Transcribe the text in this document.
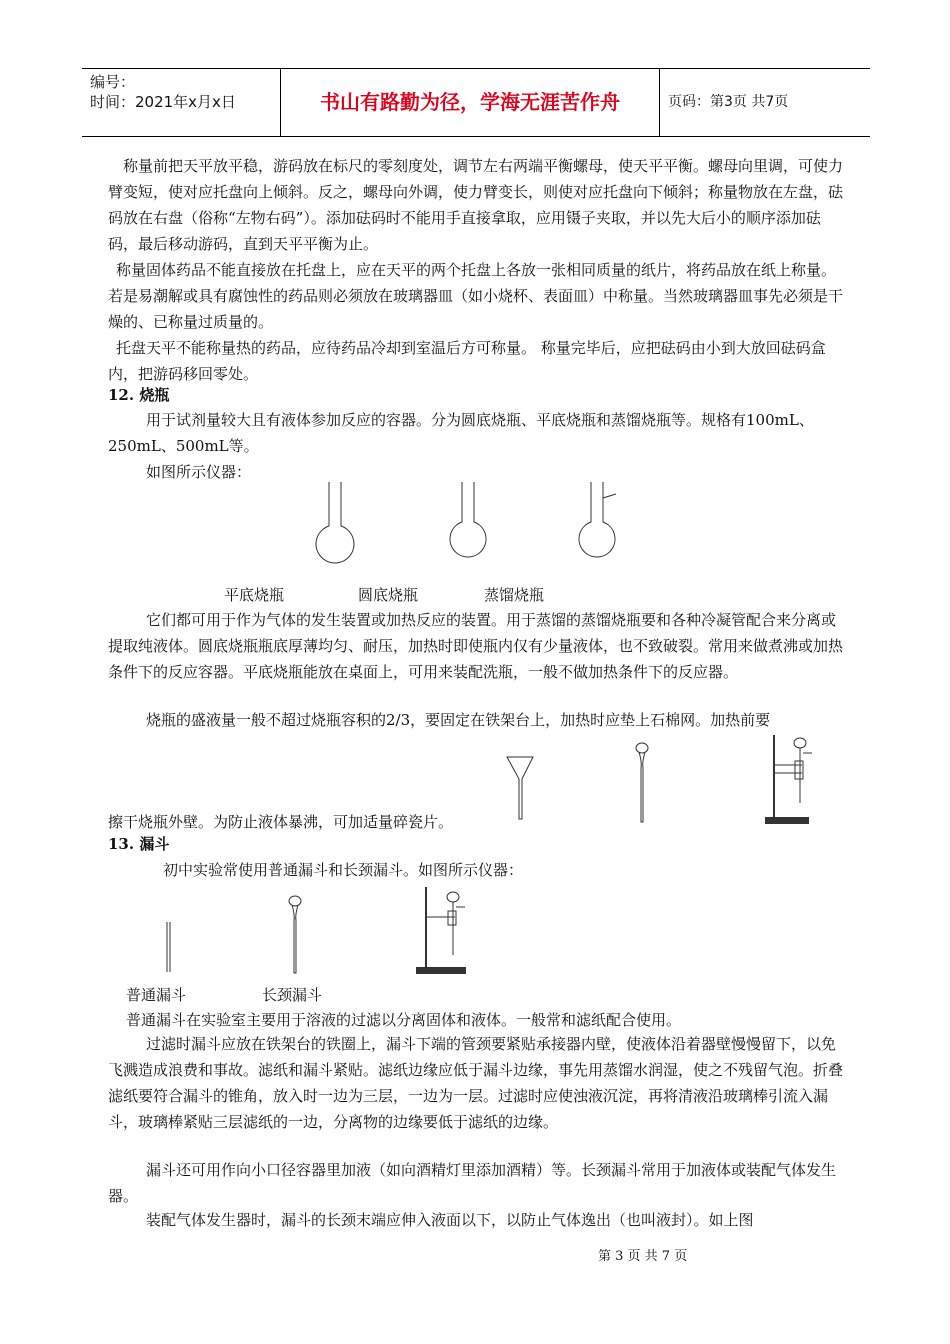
编号：
时间：2021年x月x日	书山有路勤为径，学海无涯苦作舟	页码：第3页 共7页

称量前把天平放平稳，游码放在标尺的零刻度处，调节左右两端平衡螺母，使天平平衡。螺母向里调，可使力臂变短，使对应托盘向上倾斜。反之，螺母向外调，使力臂变长，则使对应托盘向下倾斜；称量物放在左盘，砝码放在右盘（俗称“左物右码”）。添加砝码时不能用手直接拿取，应用镊子夹取，并以先大后小的顺序添加砝码，最后移动游码，直到天平平衡为止。

称量固体药品不能直接放在托盘上，应在天平的两个托盘上各放一张相同质量的纸片，将药品放在纸上称量。若是易潮解或具有腐蚀性的药品则必须放在玻璃器皿（如小烧杯、表面皿）中称量。当然玻璃器皿事先必须是干燥的、已称量过质量的。

托盘天平不能称量热的药品，应待药品冷却到室温后方可称量。 称量完毕后，应把砝码由小到大放回砝码盒内，把游码移回零处。

12. 烧瓶

用于试剂量较大且有液体参加反应的容器。分为圆底烧瓶、平底烧瓶和蒸馏烧瓶等。规格有100mL、250mL、500mL等。

如图所示仪器：

平底烧瓶	圆底烧瓶	蒸馏烧瓶

它们都可用于作为气体的发生装置或加热反应的装置。用于蒸馏的蒸馏烧瓶要和各种冷凝管配合来分离或提取纯液体。圆底烧瓶瓶底厚薄均匀、耐压，加热时即使瓶内仅有少量液体，也不致破裂。常用来做煮沸或加热条件下的反应容器。平底烧瓶能放在桌面上，可用来装配洗瓶，一般不做加热条件下的反应器。

烧瓶的盛液量一般不超过烧瓶容积的2/3，要固定在铁架台上，加热时应垫上石棉网。加热前要

擦干烧瓶外壁。为防止液体暴沸，可加适量碎瓷片。

13. 漏斗

初中实验常使用普通漏斗和长颈漏斗。如图所示仪器：

普通漏斗	长颈漏斗

普通漏斗在实验室主要用于溶液的过滤以分离固体和液体。一般常和滤纸配合使用。

过滤时漏斗应放在铁架台的铁圈上，漏斗下端的管颈要紧贴承接器内壁，使液体沿着器壁慢慢留下，以免飞溅造成浪费和事故。滤纸和漏斗紧贴。滤纸边缘应低于漏斗边缘，事先用蒸馏水润湿，使之不残留气泡。折叠滤纸要符合漏斗的锥角，放入时一边为三层，一边为一层。过滤时应使浊液沉淀，再将清液沿玻璃棒引流入漏斗，玻璃棒紧贴三层滤纸的一边，分离物的边缘要低于滤纸的边缘。

漏斗还可用作向小口径容器里加液（如向酒精灯里添加酒精）等。长颈漏斗常用于加液体或装配气体发生器。

装配气体发生器时，漏斗的长颈末端应伸入液面以下，以防止气体逸出（也叫液封）。如上图

第 3 页 共 7 页
